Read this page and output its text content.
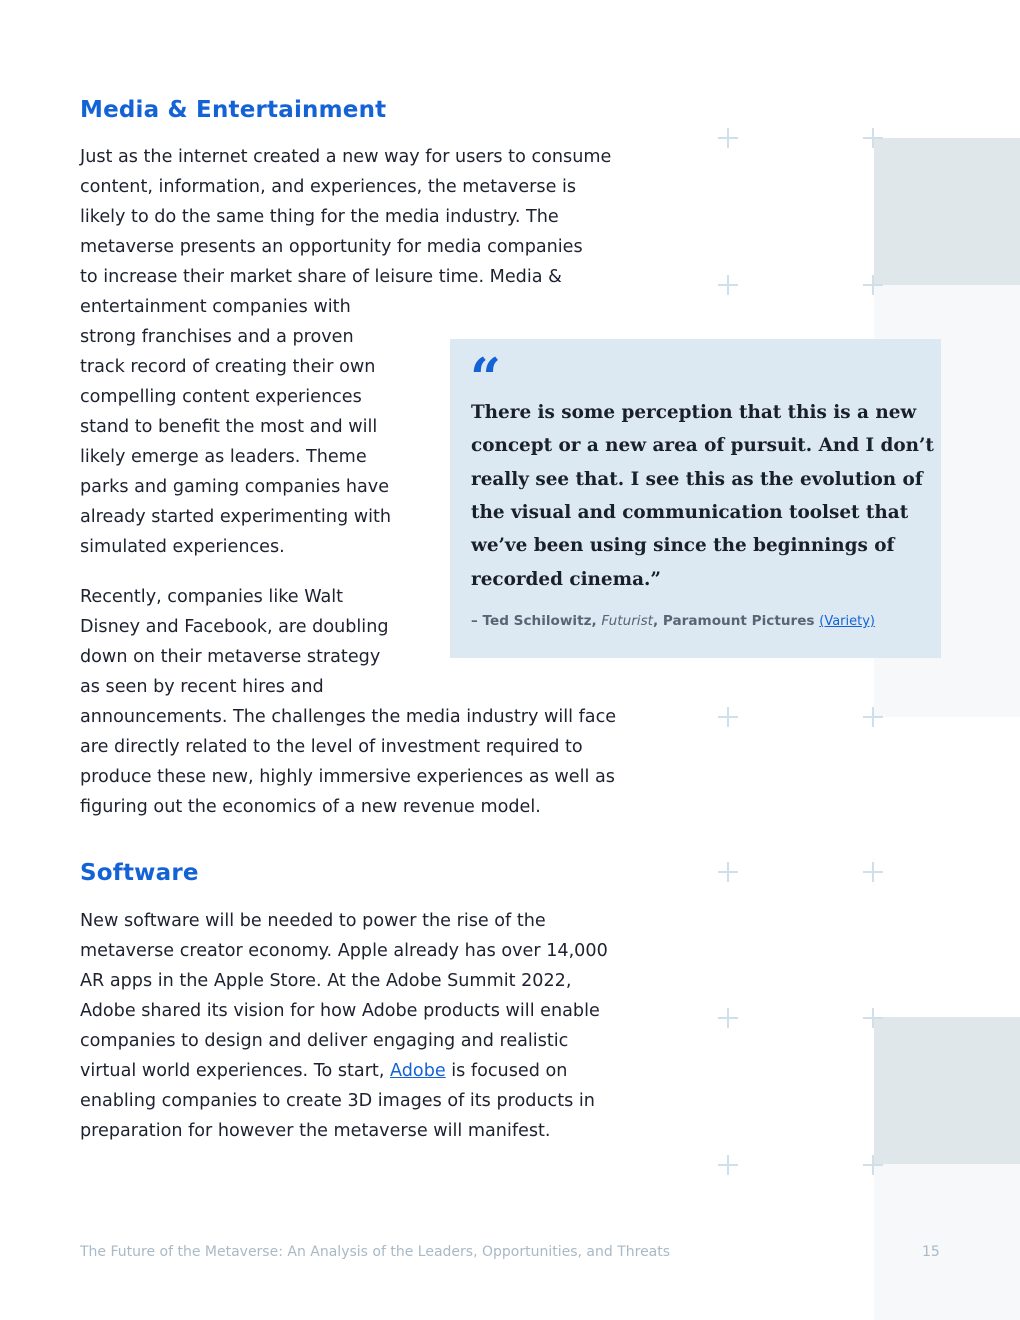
Media & Entertainment
Just as the internet created a new way for users to consume
content, information, and experiences, the metaverse is
likely to do the same thing for the media industry. The
metaverse presents an opportunity for media companies
to increase their market share of leisure time. Media &
entertainment companies with
strong franchises and a proven
track record of creating their own
compelling content experiences
stand to benefit the most and will
likely emerge as leaders. Theme
parks and gaming companies have
already started experimenting with
simulated experiences.
Recently, companies like Walt
Disney and Facebook, are doubling
down on their metaverse strategy
as seen by recent hires and
announcements. The challenges the media industry will face
are directly related to the level of investment required to
produce these new, highly immersive experiences as well as
figuring out the economics of a new revenue model.
“
There is some perception that this is a new
concept or a new area of pursuit. And I don’t
really see that. I see this as the evolution of
the visual and communication toolset that
we’ve been using since the beginnings of
recorded cinema.”
– Ted Schilowitz, Futurist, Paramount Pictures (Variety)
Software
New software will be needed to power the rise of the
metaverse creator economy. Apple already has over 14,000
AR apps in the Apple Store. At the Adobe Summit 2022,
Adobe shared its vision for how Adobe products will enable
companies to design and deliver engaging and realistic
virtual world experiences. To start, Adobe is focused on
enabling companies to create 3D images of its products in
preparation for however the metaverse will manifest.
The Future of the Metaverse: An Analysis of the Leaders, Opportunities, and Threats	15
